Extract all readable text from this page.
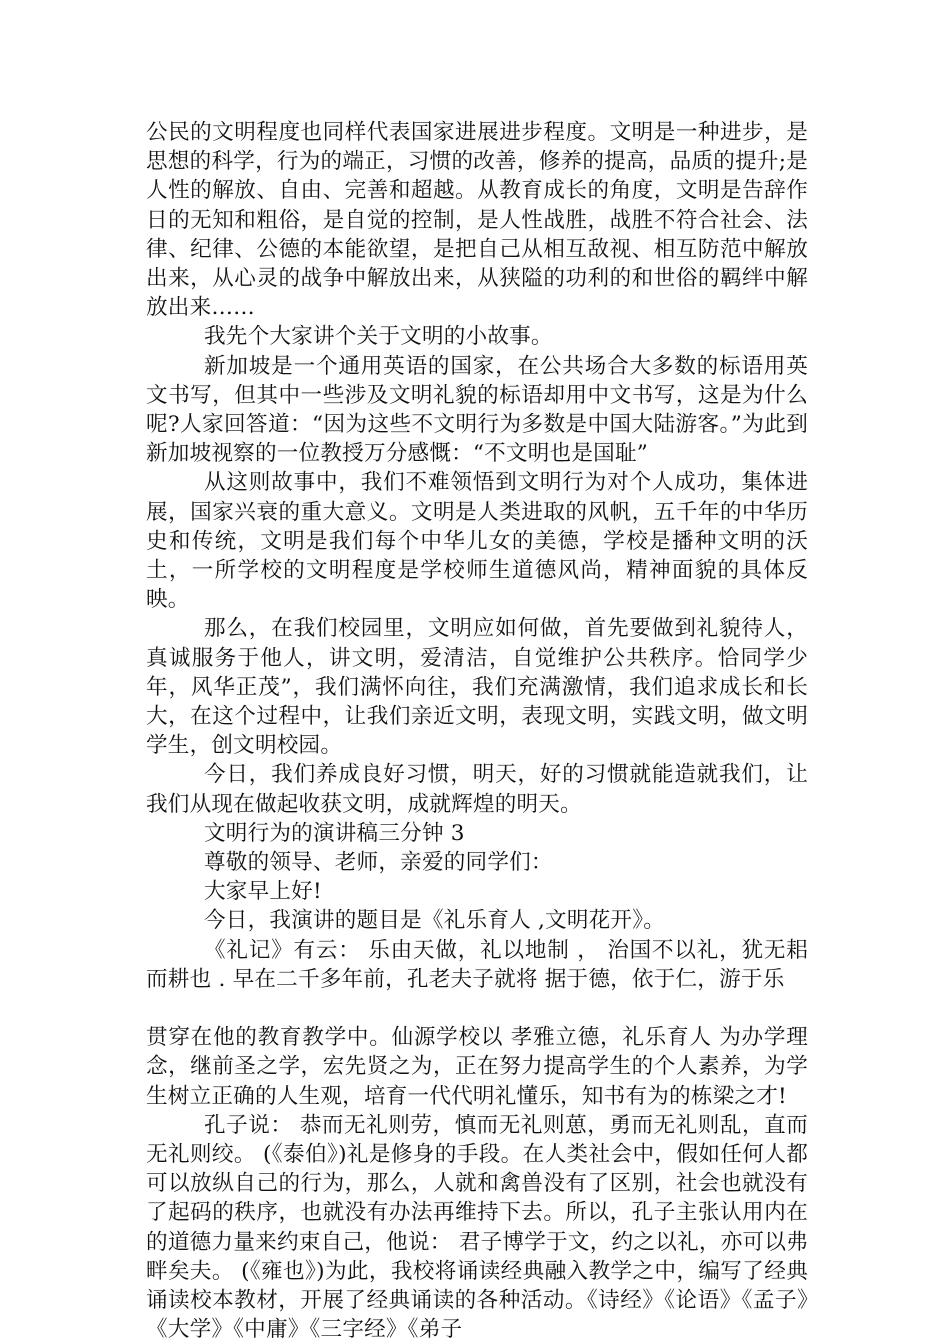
公民的文明程度也同样代表国家进展进步程度。文明是一种进步，是思想的科学，行为的端正，习惯的改善，修养的提高，品质的提升;是人性的解放、自由、完善和超越。从教育成长的角度，文明是告辞作日的无知和粗俗，是自觉的控制，是人性战胜，战胜不符合社会、法律、纪律、公德的本能欲望，是把自己从相互敌视、相互防范中解放出来，从心灵的战争中解放出来，从狭隘的功利的和世俗的羁绊中解放出来……

我先个大家讲个关于文明的小故事。

新加坡是一个通用英语的国家，在公共场合大多数的标语用英文书写，但其中一些涉及文明礼貌的标语却用中文书写，这是为什么呢?人家回答道：“因为这些不文明行为多数是中国大陆游客。”为此到新加坡视察的一位教授万分感慨：“不文明也是国耻”

从这则故事中，我们不难领悟到文明行为对个人成功，集体进展，国家兴衰的重大意义。文明是人类进取的风帆，五千年的中华历史和传统，文明是我们每个中华儿女的美德，学校是播种文明的沃土，一所学校的文明程度是学校师生道德风尚，精神面貌的具体反映。

那么，在我们校园里，文明应如何做，首先要做到礼貌待人，真诚服务于他人，讲文明，爱清洁，自觉维护公共秩序。恰同学少年，风华正茂”，我们满怀向往，我们充满激情，我们追求成长和长大，在这个过程中，让我们亲近文明，表现文明，实践文明，做文明学生，创文明校园。

今日，我们养成良好习惯，明天，好的习惯就能造就我们，让我们从现在做起收获文明，成就辉煌的明天。

文明行为的演讲稿三分钟 3

尊敬的领导、老师，亲爱的同学们：

大家早上好!

今日，我演讲的题目是《礼乐育人 ,文明花开》。

《礼记》有云： 乐由天做，礼以地制 ， 治国不以礼，犹无耜而耕也 . 早在二千多年前，孔老夫子就将 据于德，依于仁，游于乐

贯穿在他的教育教学中。仙源学校以 孝雅立德，礼乐育人 为办学理念，继前圣之学，宏先贤之为，正在努力提高学生的个人素养，为学生树立正确的人生观，培育一代代明礼懂乐，知书有为的栋梁之才!

孔子说： 恭而无礼则劳，慎而无礼则葸，勇而无礼则乱，直而无礼则绞。 (《泰伯》)礼是修身的手段。在人类社会中，假如任何人都可以放纵自己的行为，那么，人就和禽兽没有了区别，社会也就没有了起码的秩序，也就没有办法再维持下去。所以，孔子主张认用内在的道德力量来约束自己，他说： 君子博学于文，约之以礼，亦可以弗畔矣夫。 (《雍也》)为此，我校将诵读经典融入教学之中，编写了经典诵读校本教材，开展了经典诵读的各种活动。《诗经》《论语》《孟子》《大学》《中庸》《三字经》《弟子
